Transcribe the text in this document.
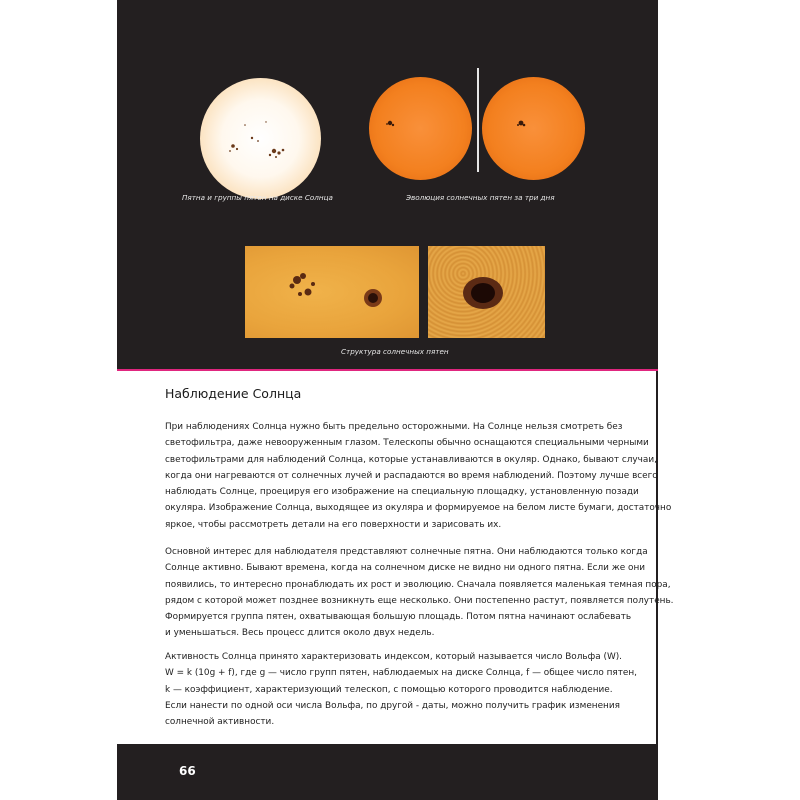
Пятна и группы пятен на диске Солнца	Эволюция солнечных пятен за три дня
Структура солнечных пятен
Наблюдение Солнца
При наблюдениях Солнца нужно быть предельно осторожными. На Солнце нельзя смотреть без
светофильтра, даже невооруженным глазом. Телескопы обычно оснащаются специальными черными
светофильтрами для наблюдений Солнца, которые устанавливаются в окуляр. Однако, бывают случаи,
когда они нагреваются от солнечных лучей и распадаются во время наблюдений. Поэтому лучше всего
наблюдать Солнце, проецируя его изображение на специальную площадку, установленную позади
окуляра. Изображение Солнца, выходящее из окуляра и формируемое на белом листе бумаги, достаточно
яркое, чтобы рассмотреть детали на его поверхности и зарисовать их.
Основной интерес для наблюдателя представляют солнечные пятна. Они наблюдаются только когда
Солнце активно. Бывают времена, когда на солнечном диске не видно ни одного пятна. Если же они
появились, то интересно пронаблюдать их рост и эволюцию. Сначала появляется маленькая темная пора,
рядом с которой может позднее возникнуть еще несколько. Они постепенно растут, появляется полутень.
Формируется группа пятен, охватывающая большую площадь. Потом пятна начинают ослабевать
и уменьшаться. Весь процесс длится около двух недель.
Активность Солнца принято характеризовать индексом, который называется число Вольфа (W).
W = k (10g + f), где g — число групп пятен, наблюдаемых на диске Солнца, f — общее число пятен,
k — коэффициент, характеризующий телескоп, с помощью которого проводится наблюдение.
Если нанести по одной оси числа Вольфа, по другой - даты, можно получить график изменения
солнечной активности.
66
